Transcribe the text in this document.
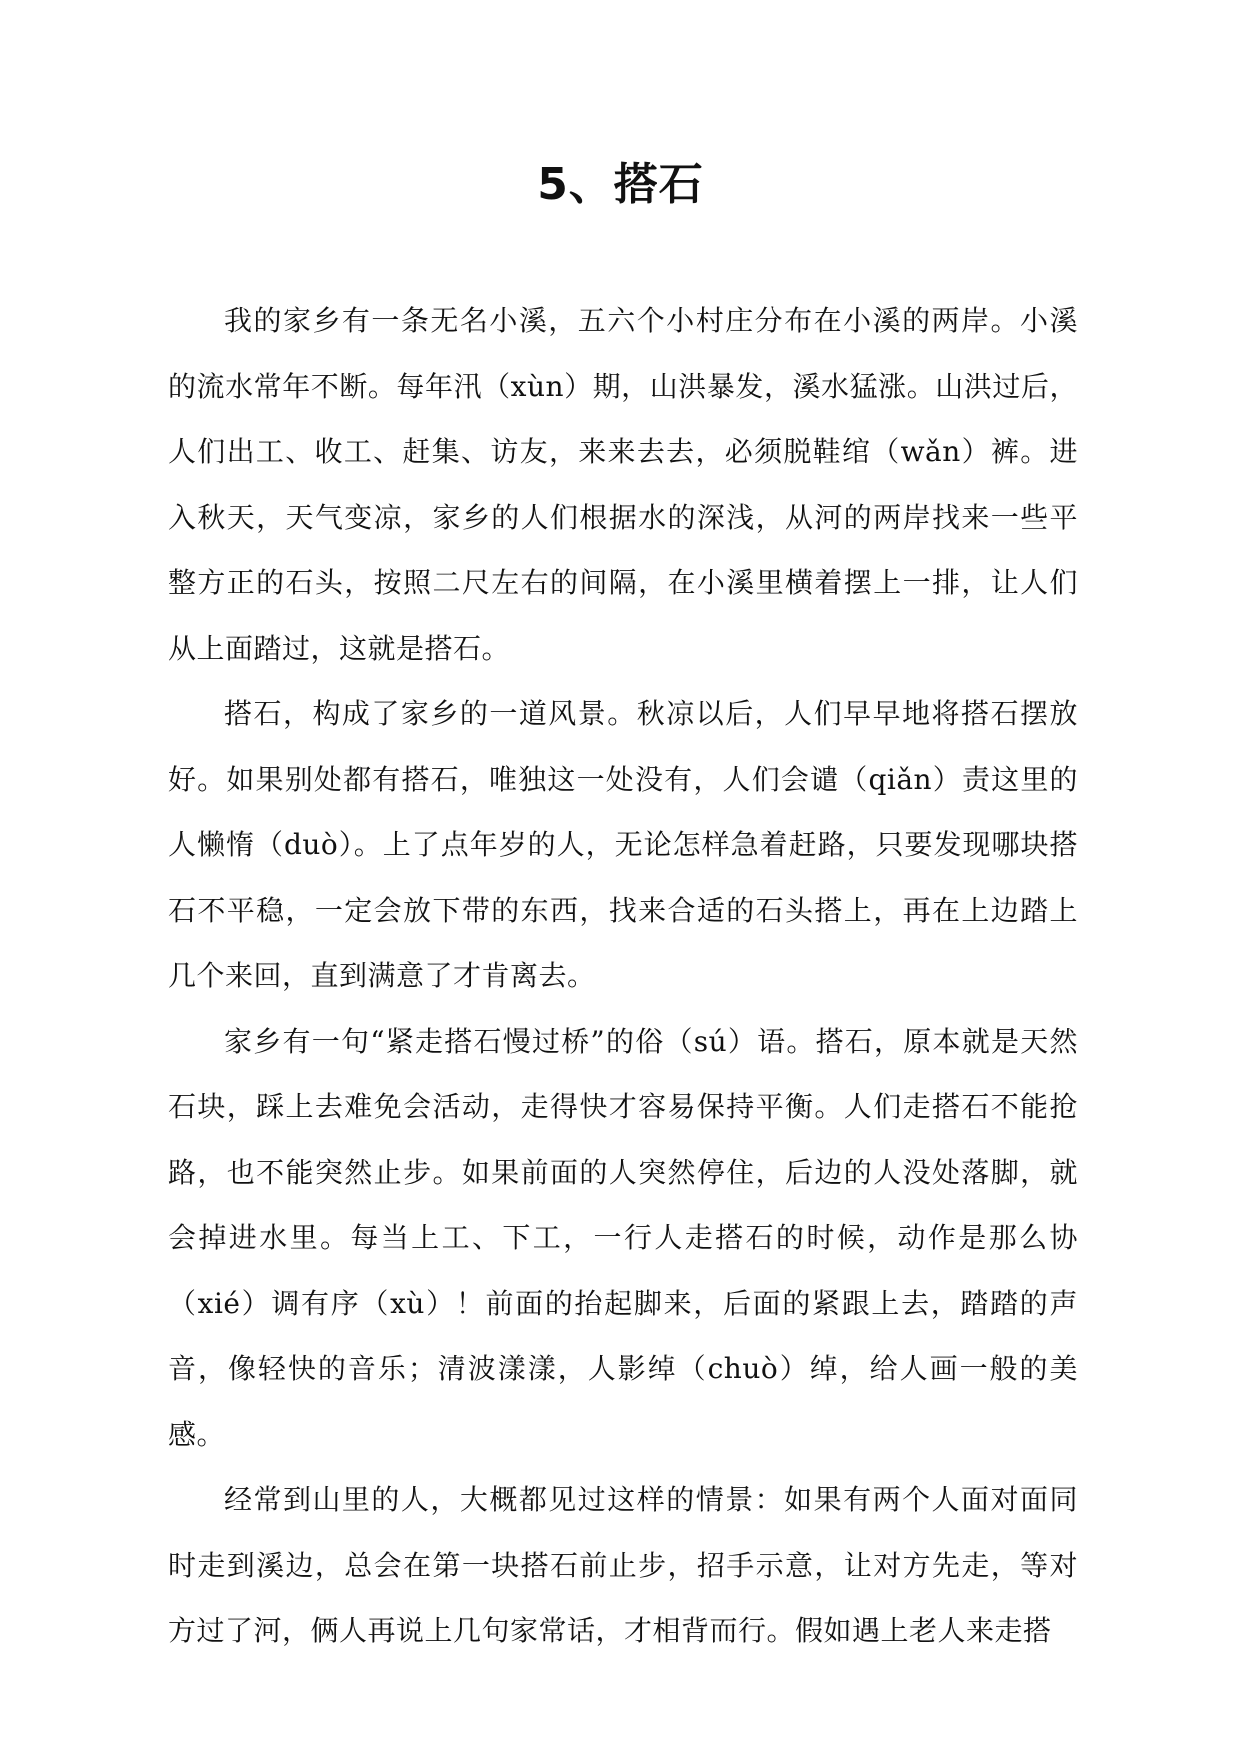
5、搭石

我的家乡有一条无名小溪，五六个小村庄分布在小溪的两岸。小溪的流水常年不断。每年汛（xùn）期，山洪暴发，溪水猛涨。山洪过后，人们出工、收工、赶集、访友，来来去去，必须脱鞋绾（wǎn）裤。进入秋天，天气变凉，家乡的人们根据水的深浅，从河的两岸找来一些平整方正的石头，按照二尺左右的间隔，在小溪里横着摆上一排，让人们从上面踏过，这就是搭石。

搭石，构成了家乡的一道风景。秋凉以后，人们早早地将搭石摆放好。如果别处都有搭石，唯独这一处没有，人们会谴（qiǎn）责这里的人懒惰（duò）。上了点年岁的人，无论怎样急着赶路，只要发现哪块搭石不平稳，一定会放下带的东西，找来合适的石头搭上，再在上边踏上几个来回，直到满意了才肯离去。

家乡有一句“紧走搭石慢过桥”的俗（sú）语。搭石，原本就是天然石块，踩上去难免会活动，走得快才容易保持平衡。人们走搭石不能抢路，也不能突然止步。如果前面的人突然停住，后边的人没处落脚，就会掉进水里。每当上工、下工，一行人走搭石的时候，动作是那么协（xié）调有序（xù）！前面的抬起脚来，后面的紧跟上去，踏踏的声音，像轻快的音乐；清波漾漾，人影绰（chuò）绰，给人画一般的美感。

经常到山里的人，大概都见过这样的情景：如果有两个人面对面同时走到溪边，总会在第一块搭石前止步，招手示意，让对方先走，等对方过了河，俩人再说上几句家常话，才相背而行。假如遇上老人来走搭
